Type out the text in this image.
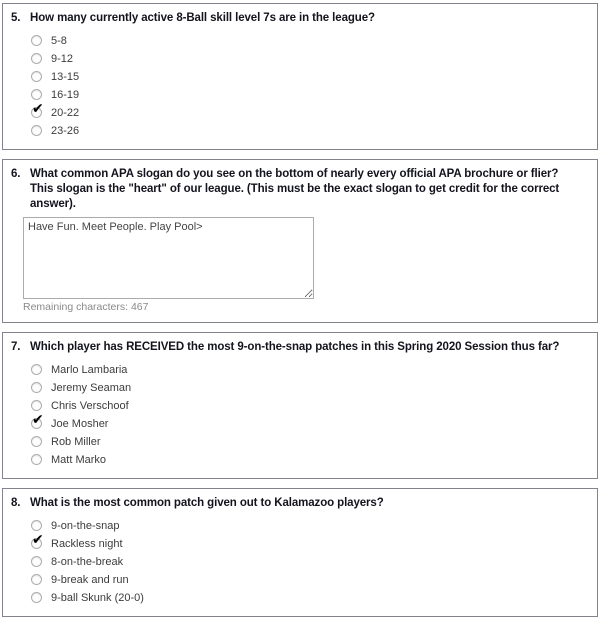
5. How many currently active 8-Ball skill level 7s are in the league?
5-8
9-12
13-15
16-19
✔ 20-22
23-26
6. What common APA slogan do you see on the bottom of nearly every official APA brochure or flier? This slogan is the "heart" of our league. (This must be the exact slogan to get credit for the correct answer).
Have Fun. Meet People. Play Pool>
Remaining characters: 467
7. Which player has RECEIVED the most 9-on-the-snap patches in this Spring 2020 Session thus far?
Marlo Lambaria
Jeremy Seaman
Chris Verschoof
✔ Joe Mosher
Rob Miller
Matt Marko
8. What is the most common patch given out to Kalamazoo players?
9-on-the-snap
✔ Rackless night
8-on-the-break
9-break and run
9-ball Skunk (20-0)
